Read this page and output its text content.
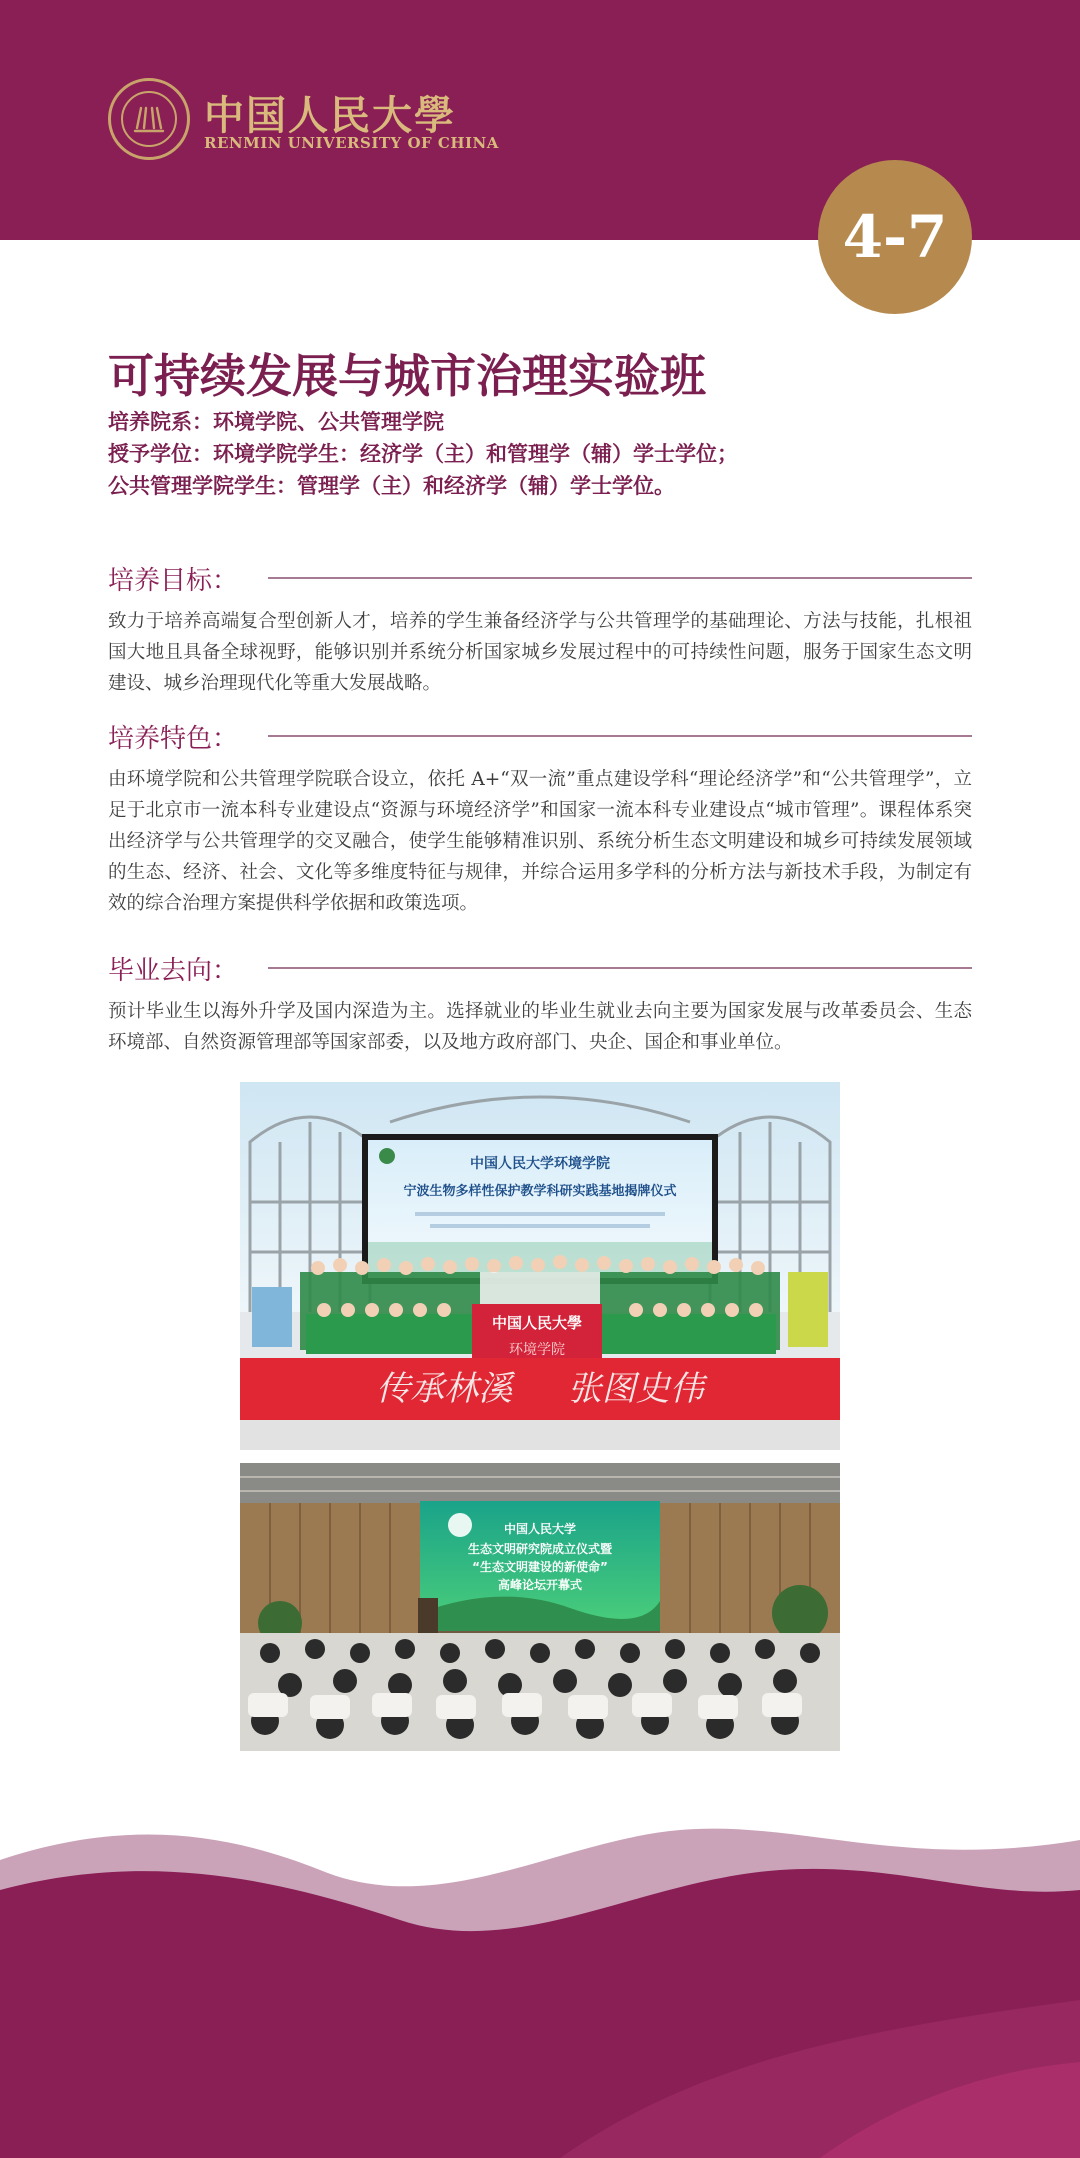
中国人民大學
RENMIN UNIVERSITY OF CHINA
4-7
可持续发展与城市治理实验班
培养院系：环境学院、公共管理学院
授予学位：环境学院学生：经济学（主）和管理学（辅）学士学位；
公共管理学院学生：管理学（主）和经济学（辅）学士学位。
培养目标：

致力于培养高端复合型创新人才，培养的学生兼备经济学与公共管理学的基础理论、方法与技能，扎根祖国大地且具备全球视野，能够识别并系统分析国家城乡发展过程中的可持续性问题，服务于国家生态文明建设、城乡治理现代化等重大发展战略。

培养特色：

由环境学院和公共管理学院联合设立，依托 A+“双一流”重点建设学科“理论经济学”和“公共管理学”，立足于北京市一流本科专业建设点“资源与环境经济学”和国家一流本科专业建设点“城市管理”。课程体系突出经济学与公共管理学的交叉融合，使学生能够精准识别、系统分析生态文明建设和城乡可持续发展领域的生态、经济、社会、文化等多维度特征与规律，并综合运用多学科的分析方法与新技术手段，为制定有效的综合治理方案提供科学依据和政策选项。

毕业去向：

预计毕业生以海外升学及国内深造为主。选择就业的毕业生就业去向主要为国家发展与改革委员会、生态环境部、自然资源管理部等国家部委，以及地方政府部门、央企、国企和事业单位。

中国人民大学环境学院
宁波生物多样性保护教学科研实践基地揭牌仪式
中国人民大學
环境学院
传承林溪 　 张图史伟
中国人民大学
生态文明研究院成立仪式暨
“生态文明建设的新使命”
高峰论坛开幕式
